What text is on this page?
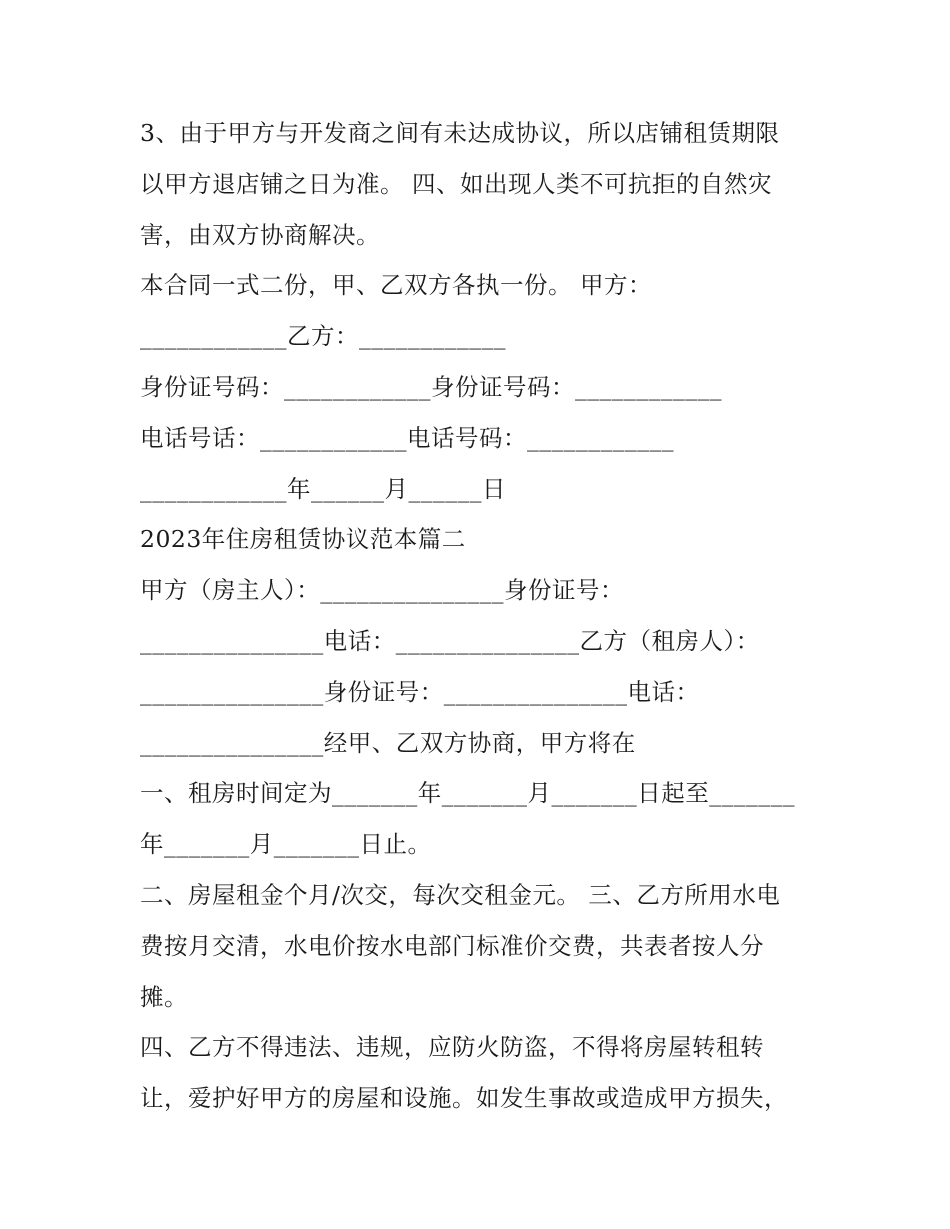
3、由于甲方与开发商之间有未达成协议，所以店铺租赁期限

以甲方退店铺之日为准。 四、如出现人类不可抗拒的自然灾

害，由双方协商解决。

本合同一式二份，甲、乙双方各执一份。 甲方：

____________乙方：____________

身份证号码：____________身份证号码：____________

电话号话：____________电话号码：____________

____________年______月______日

2023年住房租赁协议范本篇二

甲方（房主人）：_______________身份证号：

_______________电话：_______________乙方（租房人）：

_______________身份证号：_______________电话：

_______________经甲、乙双方协商，甲方将在

一、租房时间定为_______年_______月_______日起至_______

年_______月_______日止。

二、房屋租金个月/次交，每次交租金元。 三、乙方所用水电

费按月交清，水电价按水电部门标准价交费，共表者按人分

摊。

四、乙方不得违法、违规，应防火防盗，不得将房屋转租转

让，爱护好甲方的房屋和设施。如发生事故或造成甲方损失，
